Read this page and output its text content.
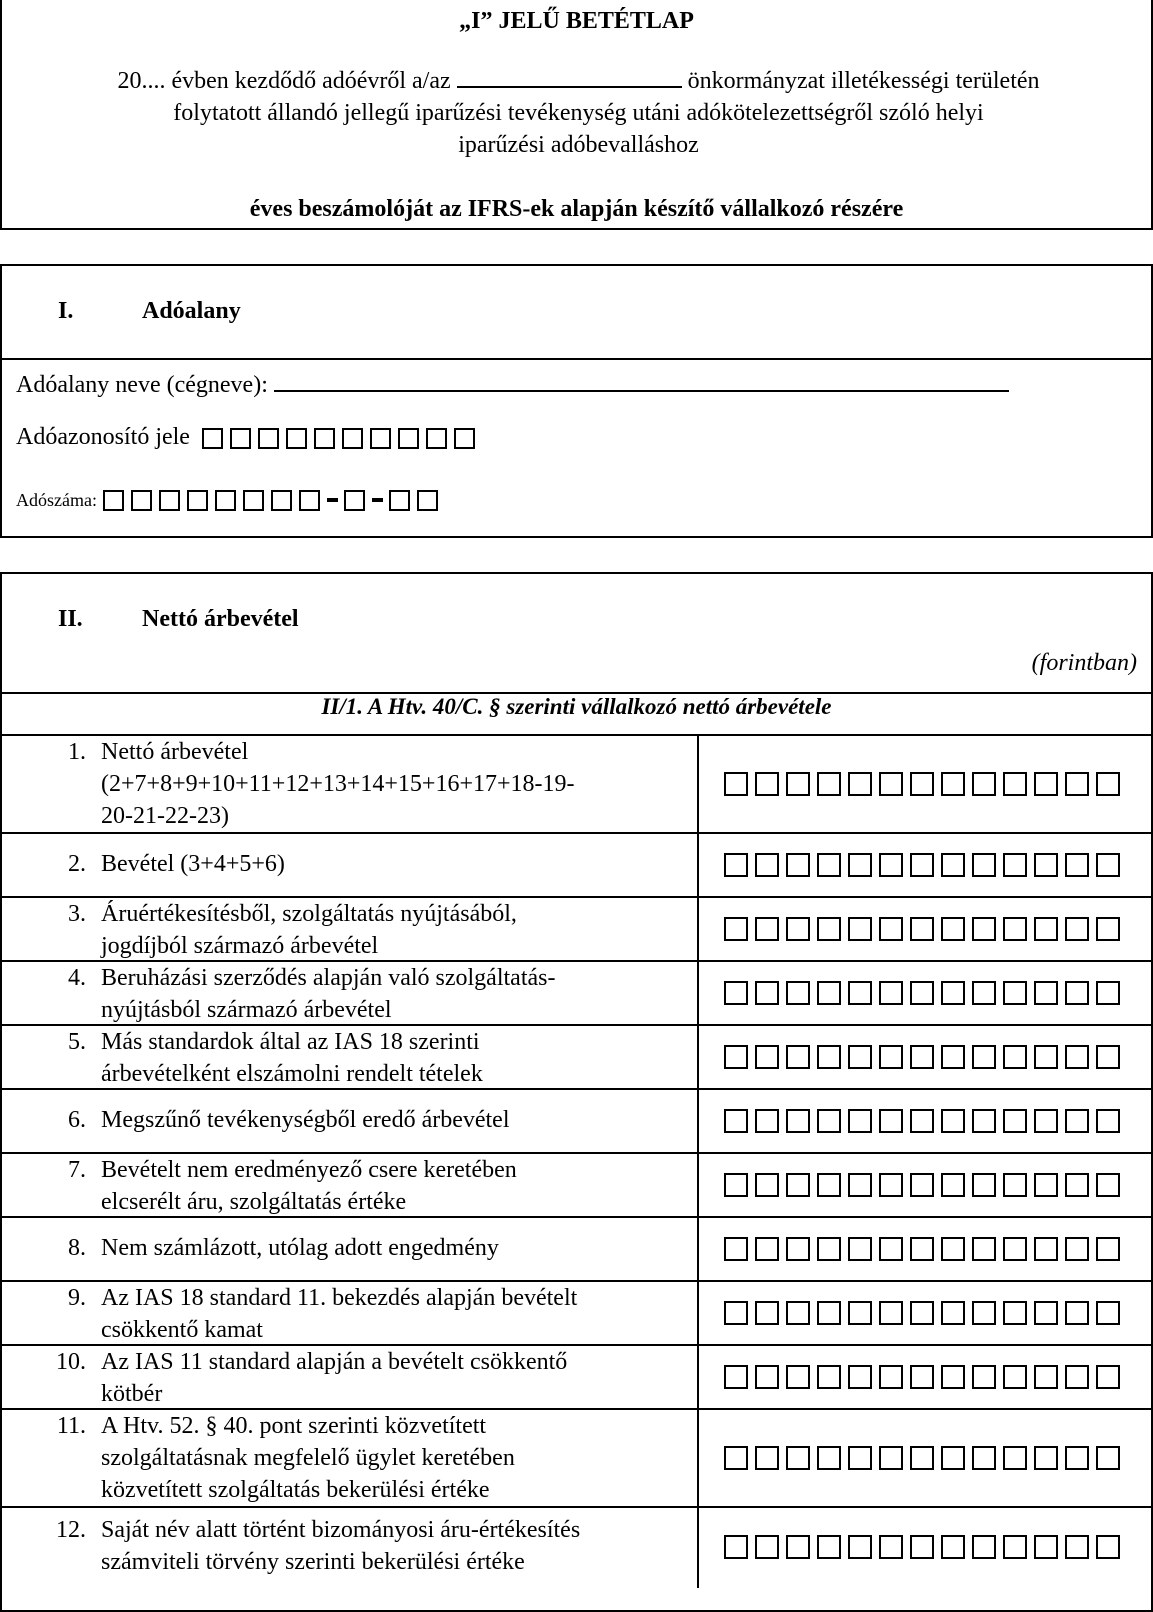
„I” JELŰ BETÉTLAP
20.... évben kezdődő adóévről a/az	önkormányzat illetékességi területén
folytatott állandó jellegű iparűzési tevékenység utáni adókötelezettségről szóló helyi
iparűzési adóbevalláshoz
éves beszámolóját az IFRS-ek alapján készítő vállalkozó részére
I.	Adóalany
Adóalany neve (cégneve):
Adóazonosító jele
Adószáma:
II. Nettó árbevétel
(forintban)
II/1. A Htv. 40/C. § szerinti vállalkozó nettó árbevétele
1. Nettó árbevétel
(2+7+8+9+10+11+12+13+14+15+16+17+18-19-
20-21-22-23)
2. Bevétel (3+4+5+6)
3. Áruértékesítésből, szolgáltatás nyújtásából,
jogdíjból származó árbevétel
4. Beruházási szerződés alapján való szolgáltatás-
nyújtásból származó árbevétel
5. Más standardok által az IAS 18 szerinti
árbevételként elszámolni rendelt tételek
6. Megszűnő tevékenységből eredő árbevétel
7. Bevételt nem eredményező csere keretében
elcserélt áru, szolgáltatás értéke
8. Nem számlázott, utólag adott engedmény
9. Az IAS 18 standard 11. bekezdés alapján bevételt
csökkentő kamat
10. Az IAS 11 standard alapján a bevételt csökkentő
kötbér
11. A Htv. 52. § 40. pont szerinti közvetített
szolgáltatásnak megfelelő ügylet keretében
közvetített szolgáltatás bekerülési értéke
12. Saját név alatt történt bizományosi áru-értékesítés
számviteli törvény szerinti bekerülési értéke
